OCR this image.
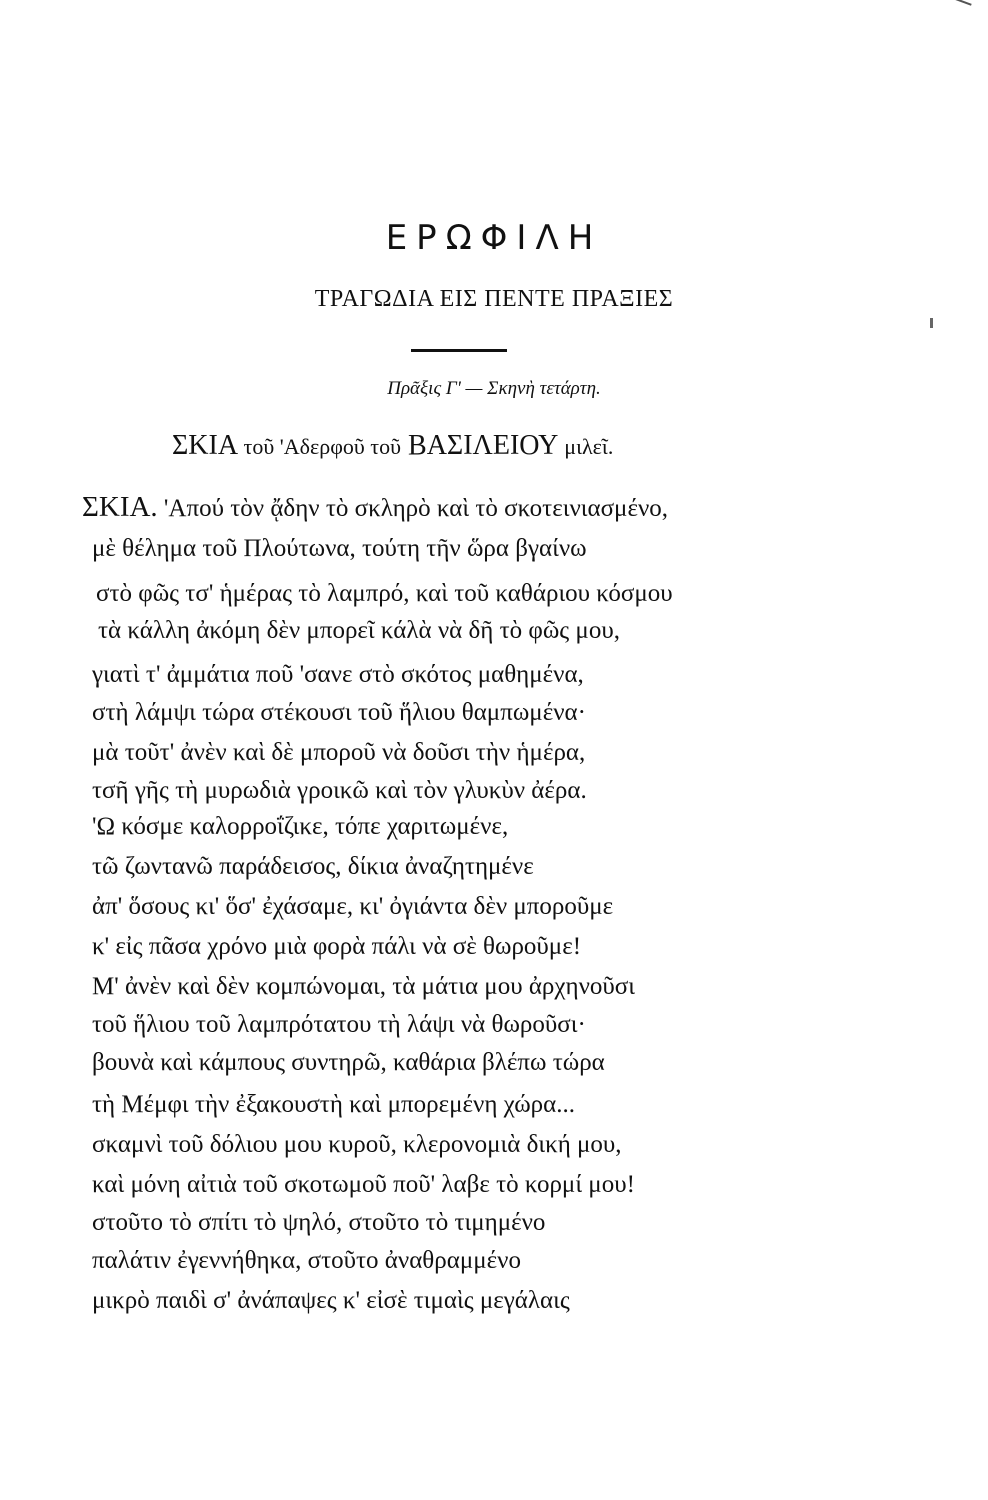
ΕΡΩΦΙΛΗ
ΤΡΑΓΩΔΙΑ ΕΙΣ ΠΕΝΤΕ ΠΡΑΞΙΕΣ
Πρᾶξις Γ' — Σκηνὴ τετάρτη.
ΣΚΙΑ τοῦ 'Αδερφοῦ τοῦ ΒΑΣΙΛΕΙΟΥ μιλεῖ.
ΣΚΙΑ. 'Απού τὸν ᾄδην τὸ σκληρὸ καὶ τὸ σκοτεινιασμένο,
μὲ θέλημα τοῦ Πλούτωνα, τούτη τῆν ὥρα βγαίνω
στὸ φῶς τσ' ἡμέρας τὸ λαμπρό, καὶ τοῦ καθάριου κόσμου
τὰ κάλλη ἀκόμη δὲν μπορεῖ κάλὰ νὰ δῆ τὸ φῶς μου,
γιατὶ τ' ἀμμάτια ποῦ 'σανε στὸ σκότος μαθημένα,
στὴ λάμψι τώρα στέκουσι τοῦ ἥλιου θαμπωμένα·
μὰ τοῦτ' ἀνὲν καὶ δὲ μποροῦ νὰ δοῦσι τὴν ἡμέρα,
τσῆ γῆς τὴ μυρωδιὰ γροικῶ καὶ τὸν γλυκὺν ἀέρα.
'Ω κόσμε καλορροΐζικε, τόπε χαριτωμένε,
τῶ ζωντανῶ παράδεισος, δίκια ἀναζητημένε
ἀπ' ὅσους κι' ὅσ' ἐχάσαμε, κι' ὀγιάντα δὲν μποροῦμε
κ' εἰς πᾶσα χρόνο μιὰ φορὰ πάλι νὰ σὲ θωροῦμε!
Μ' ἀνὲν καὶ δὲν κομπώνομαι, τὰ μάτια μου ἀρχηνοῦσι
τοῦ ἥλιου τοῦ λαμπρότατου τὴ λάψι νὰ θωροῦσι·
βουνὰ καὶ κάμπους συντηρῶ, καθάρια βλέπω τώρα
τὴ Μέμφι τὴν ἐξακουστὴ καὶ μπορεμένη χώρα...
σκαμνὶ τοῦ δόλιου μου κυροῦ, κλερονομιὰ δική μου,
καὶ μόνη αἰτιὰ τοῦ σκοτωμοῦ ποῦ' λαβε τὸ κορμί μου!
στοῦτο τὸ σπίτι τὸ ψηλό, στοῦτο τὸ τιμημένο
παλάτιν ἐγεννήθηκα, στοῦτο ἀναθραμμένο
μικρὸ παιδὶ σ' ἀνάπαψες κ' εἰσὲ τιμαὶς μεγάλαις
